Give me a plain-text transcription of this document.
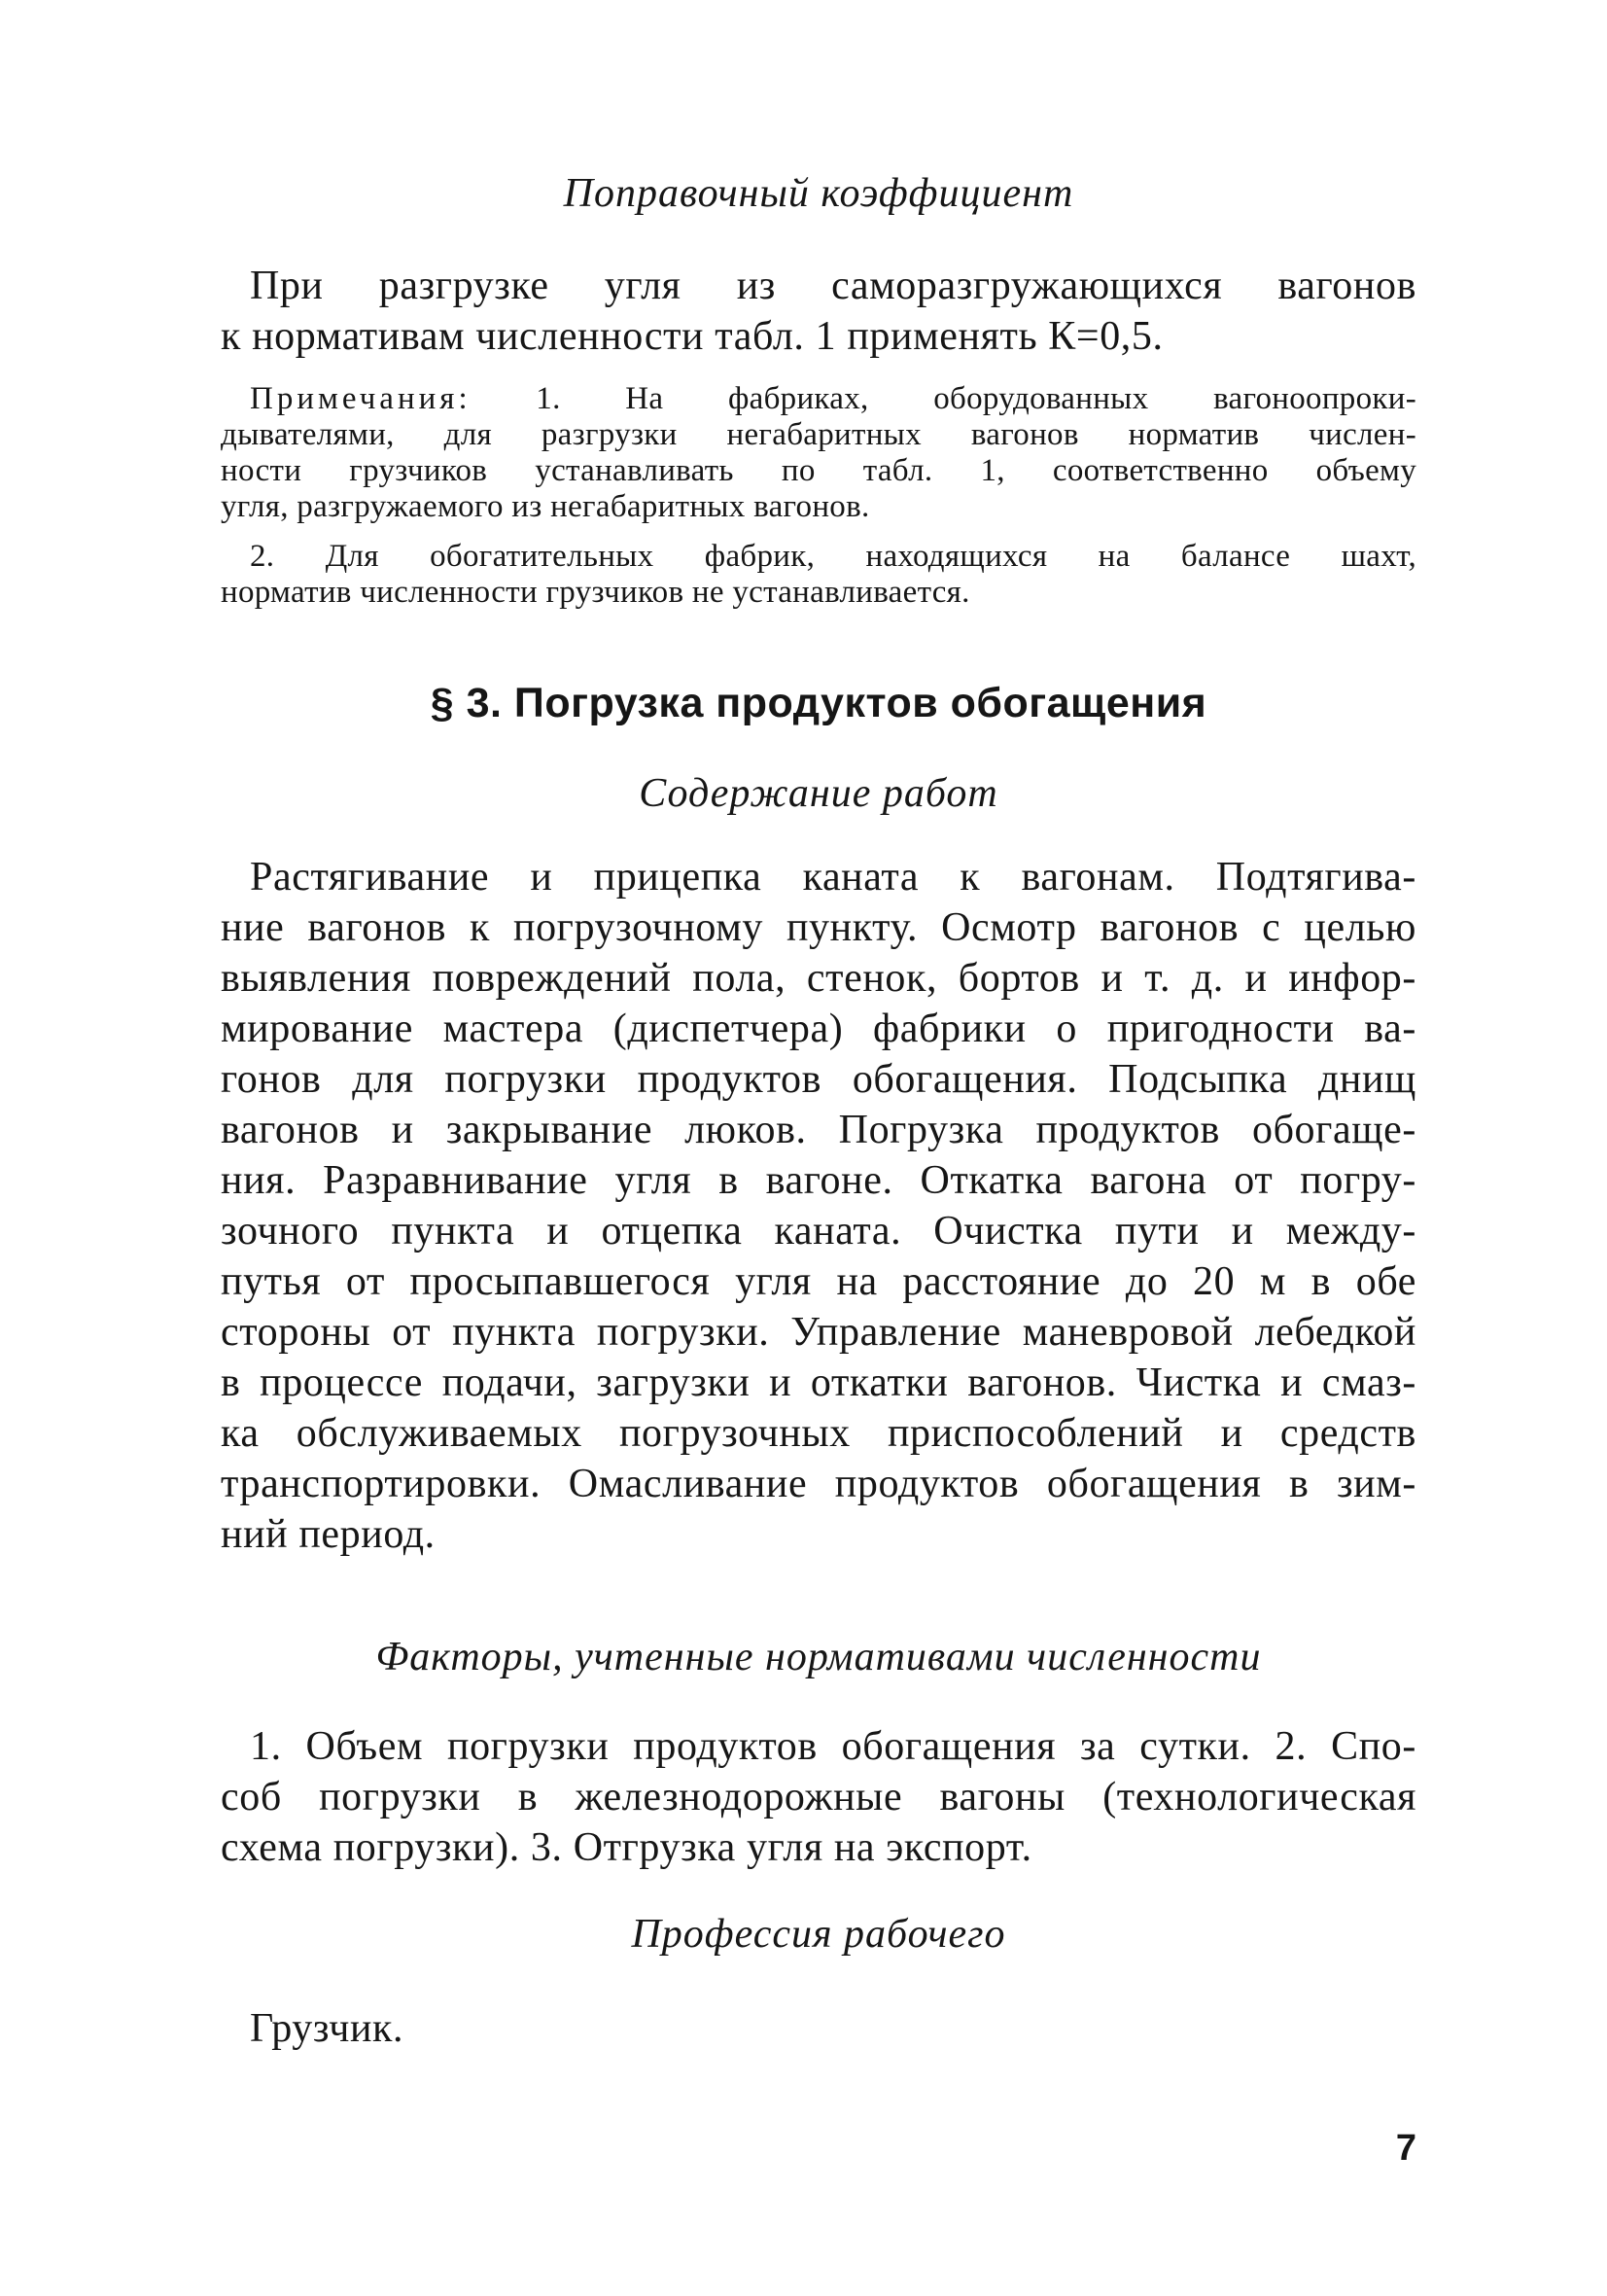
Поправочный коэффициент
При разгрузке угля из саморазгружающихся вагонов
к нормативам численности табл. 1 применять К=0,5.
Примечания: 1. На фабриках, оборудованных вагоноопроки-
дывателями, для разгрузки негабаритных вагонов норматив числен-
ности грузчиков устанавливать по табл. 1, соответственно объему
угля, разгружаемого из негабаритных вагонов.
2. Для обогатительных фабрик, находящихся на балансе шахт,
норматив численности грузчиков не устанавливается.
§ 3. Погрузка продуктов обогащения
Содержание работ
Растягивание и прицепка каната к вагонам. Подтягива-
ние вагонов к погрузочному пункту. Осмотр вагонов с целью
выявления повреждений пола, стенок, бортов и т. д. и инфор-
мирование мастера (диспетчера) фабрики о пригодности ва-
гонов для погрузки продуктов обогащения. Подсыпка днищ
вагонов и закрывание люков. Погрузка продуктов обогаще-
ния. Разравнивание угля в вагоне. Откатка вагона от погру-
зочного пункта и отцепка каната. Очистка пути и междy-
путья от просыпавшегося угля на расстояние до 20 м в обе
стороны от пункта погрузки. Управление маневровой лебедкой
в процессе подачи, загрузки и откатки вагонов. Чистка и смаз-
ка обслуживаемых погрузочных приспособлений и средств
транспортировки. Омасливание продуктов обогащения в зим-
ний период.
Факторы, учтенные нормативами численности
1. Объем погрузки продуктов обогащения за сутки. 2. Спо-
соб погрузки в железнодорожные вагоны (технологическая
схема погрузки). 3. Отгрузка угля на экспорт.
Профессия рабочего
Грузчик.
7
